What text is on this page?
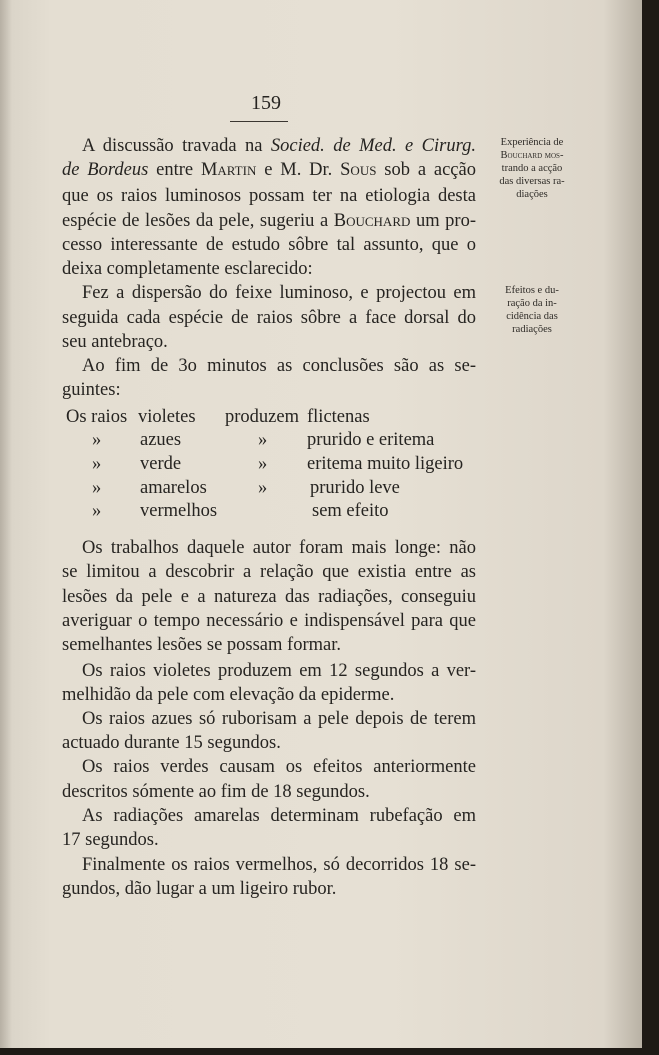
159
A discussão travada na Socied. de Med. e Cirurg.
de Bordeus entre Martin e M. Dr. Sous sob a acção
que os raios luminosos possam ter na etiologia desta
espécie de lesões da pele, sugeriu a Bouchard um pro-
cesso interessante de estudo sôbre tal assunto, que o
deixa completamente esclarecido:
Fez a dispersão do feixe luminoso, e projectou em
seguida cada espécie de raios sôbre a face dorsal do
seu antebraço.
Ao fim de 3o minutos as conclusões são as se-
guintes:
Os raios violetes produzem flictenas
» azues	» prurido e eritema
» verde	» eritema muito ligeiro
» amarelos	» prurido leve
» vermelhos	sem efeito
Os trabalhos daquele autor foram mais longe: não
se limitou a descobrir a relação que existia entre as
lesões da pele e a natureza das radiações, conseguiu
averiguar o tempo necessário e indispensável para que
semelhantes lesões se possam formar.
Os raios violetes produzem em 12 segundos a ver-
melhidão da pele com elevação da epiderme.
Os raios azues só ruborisam a pele depois de terem
actuado durante 15 segundos.
Os raios verdes causam os efeitos anteriormente
descritos sómente ao fim de 18 segundos.
As radiações amarelas determinam rubefação em
17 segundos.
Finalmente os raios vermelhos, só decorridos 18 se-
gundos, dão lugar a um ligeiro rubor.
Experiência de
Bouchard mos-
trando a acção
das diversas ra-
diações
Efeitos e du-
ração da in-
cidência das
radiações
